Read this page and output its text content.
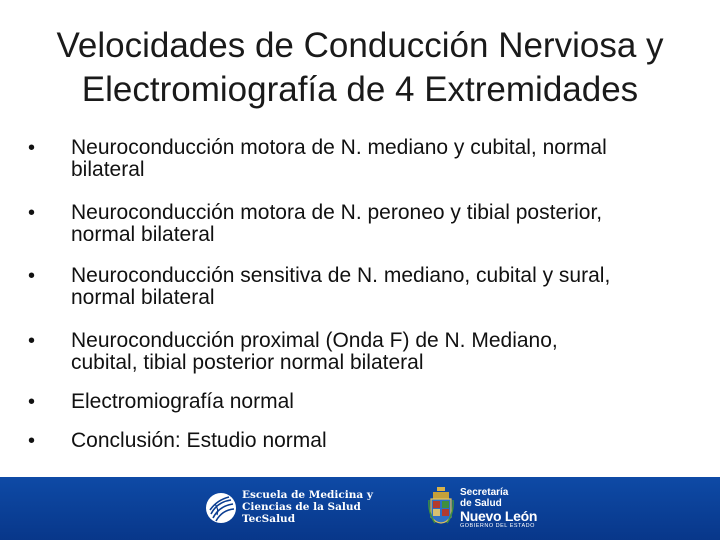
Velocidades de Conducción Nerviosa y
Electromiografía de 4 Extremidades
• Neuroconducción motora de N. mediano y cubital, normal
bilateral
• Neuroconducción motora de N. peroneo y tibial posterior,
normal bilateral
• Neuroconducción sensitiva de N. mediano, cubital y sural,
normal bilateral
• Neuroconducción proximal (Onda F) de N. Mediano,
cubital, tibial posterior normal bilateral
• Electromiografía normal
• Conclusión: Estudio normal
Escuela de Medicina y
Ciencias de la Salud
TecSalud
Secretaría
de Salud
Nuevo León
GOBIERNO DEL ESTADO
